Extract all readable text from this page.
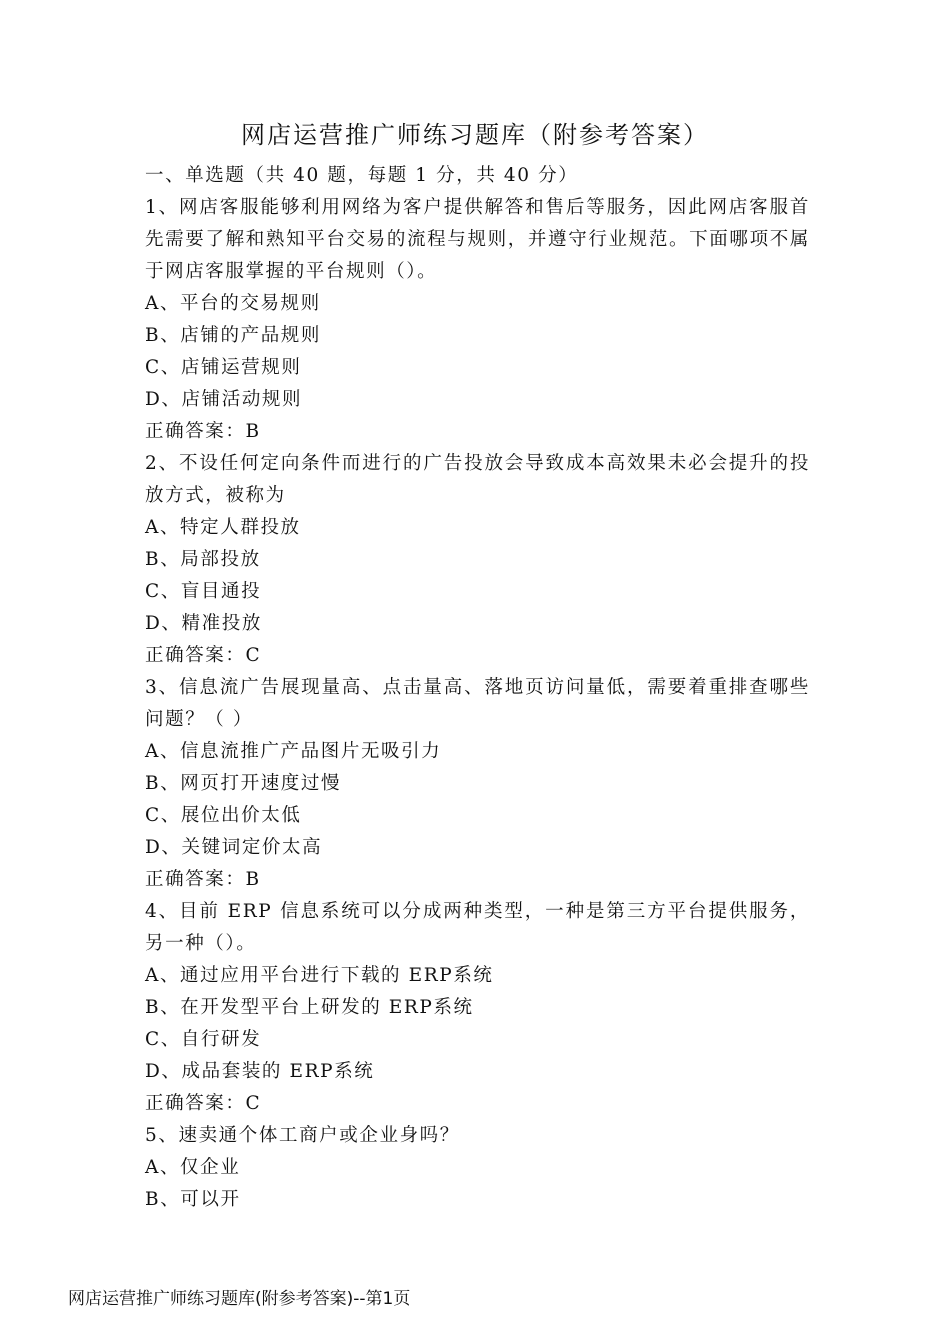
网店运营推广师练习题库（附参考答案）
一、单选题（共 40 题，每题 1 分，共 40 分）
1、网店客服能够利用网络为客户提供解答和售后等服务，因此网店客服首先需要了解和熟知平台交易的流程与规则，并遵守行业规范。下面哪项不属于网店客服掌握的平台规则（）。
A、平台的交易规则
B、店铺的产品规则
C、店铺运营规则
D、店铺活动规则
正确答案：B
2、不设任何定向条件而进行的广告投放会导致成本高效果未必会提升的投放方式，被称为
A、特定人群投放
B、局部投放
C、盲目通投
D、精准投放
正确答案：C
3、信息流广告展现量高、点击量高、落地页访问量低，需要着重排查哪些问题？（ ）
A、信息流推广产品图片无吸引力
B、网页打开速度过慢
C、展位出价太低
D、关键词定价太高
正确答案：B
4、目前 ERP 信息系统可以分成两种类型，一种是第三方平台提供服务，另一种（）。
A、通过应用平台进行下载的 ERP系统
B、在开发型平台上研发的 ERP系统
C、自行研发
D、成品套装的 ERP系统
正确答案：C
5、速卖通个体工商户或企业身吗？
A、仅企业
B、可以开
网店运营推广师练习题库(附参考答案)--第1页
